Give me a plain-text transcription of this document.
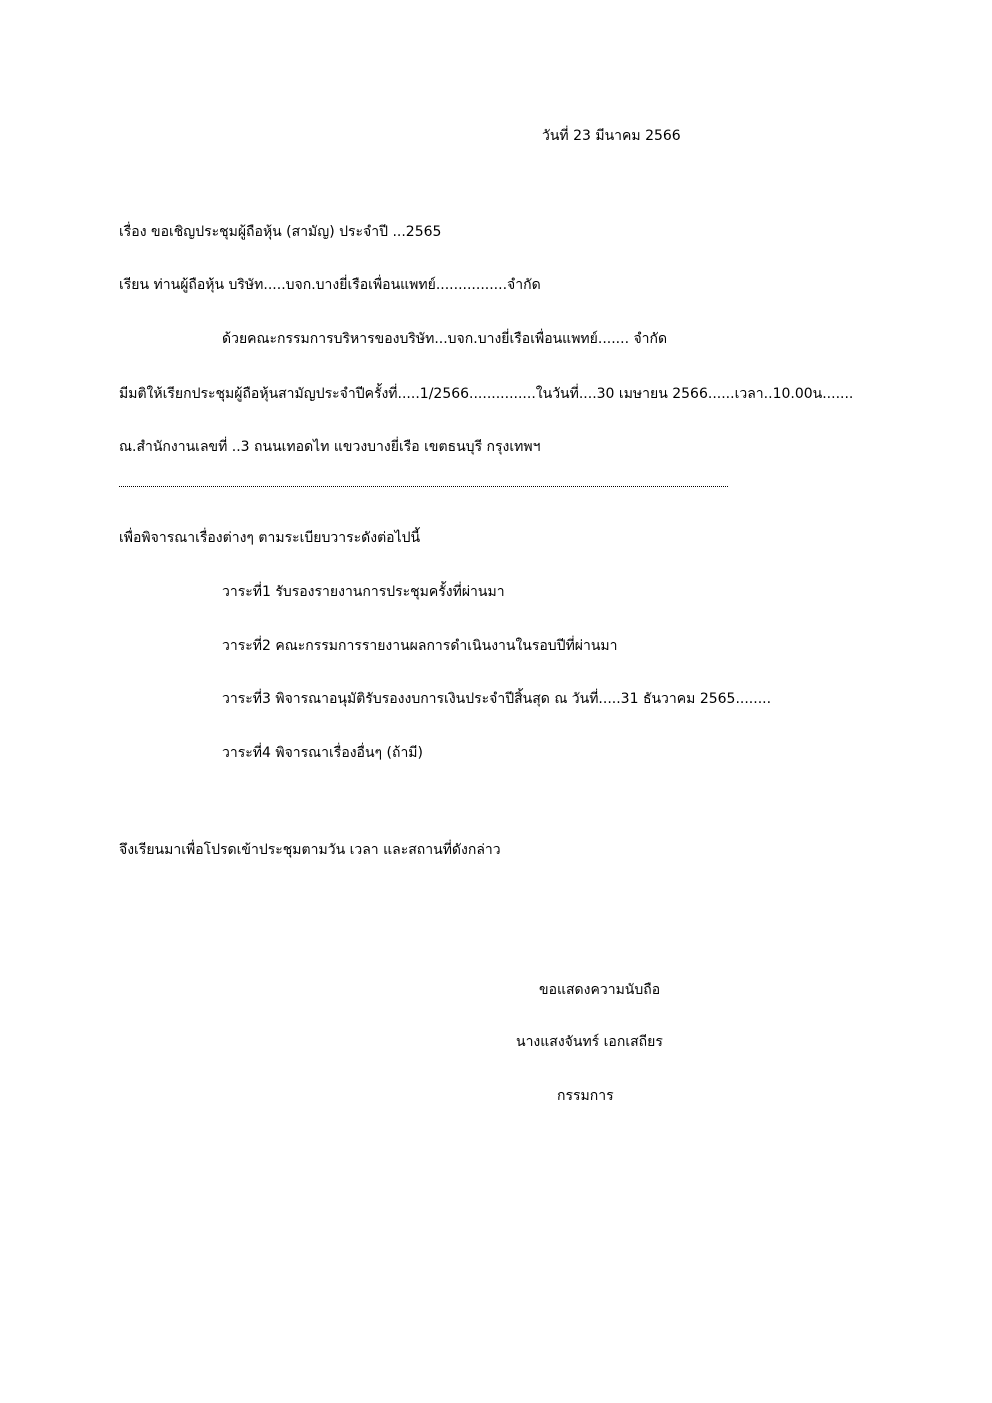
วันที่ 23 มีนาคม 2566
เรื่อง ขอเชิญประชุมผู้ถือหุ้น (สามัญ) ประจำปี ...2565
เรียน ท่านผู้ถือหุ้น บริษัท.....บจก.บางยี่เรือเพื่อนแพทย์................จำกัด
ด้วยคณะกรรมการบริหารของบริษัท...บจก.บางยี่เรือเพื่อนแพทย์....... จำกัด
มีมติให้เรียกประชุมผู้ถือหุ้นสามัญประจำปีครั้งที่.....1/2566...............ในวันที่....30 เมษายน 2566......เวลา..10.00น.......
ณ.สำนักงานเลขที่ ..3 ถนนเทอดไท แขวงบางยี่เรือ เขตธนบุรี กรุงเทพฯ
เพื่อพิจารณาเรื่องต่างๆ ตามระเบียบวาระดังต่อไปนี้
วาระที่1 รับรองรายงานการประชุมครั้งที่ผ่านมา
วาระที่2 คณะกรรมการรายงานผลการดำเนินงานในรอบปีที่ผ่านมา
วาระที่3 พิจารณาอนุมัติรับรองงบการเงินประจำปีสิ้นสุด ณ วันที่.....31 ธันวาคม 2565........
วาระที่4 พิจารณาเรื่องอื่นๆ (ถ้ามี)
จึงเรียนมาเพื่อโปรดเข้าประชุมตามวัน เวลา และสถานที่ดังกล่าว
ขอแสดงความนับถือ
นางแสงจันทร์ เอกเสถียร
กรรมการ
